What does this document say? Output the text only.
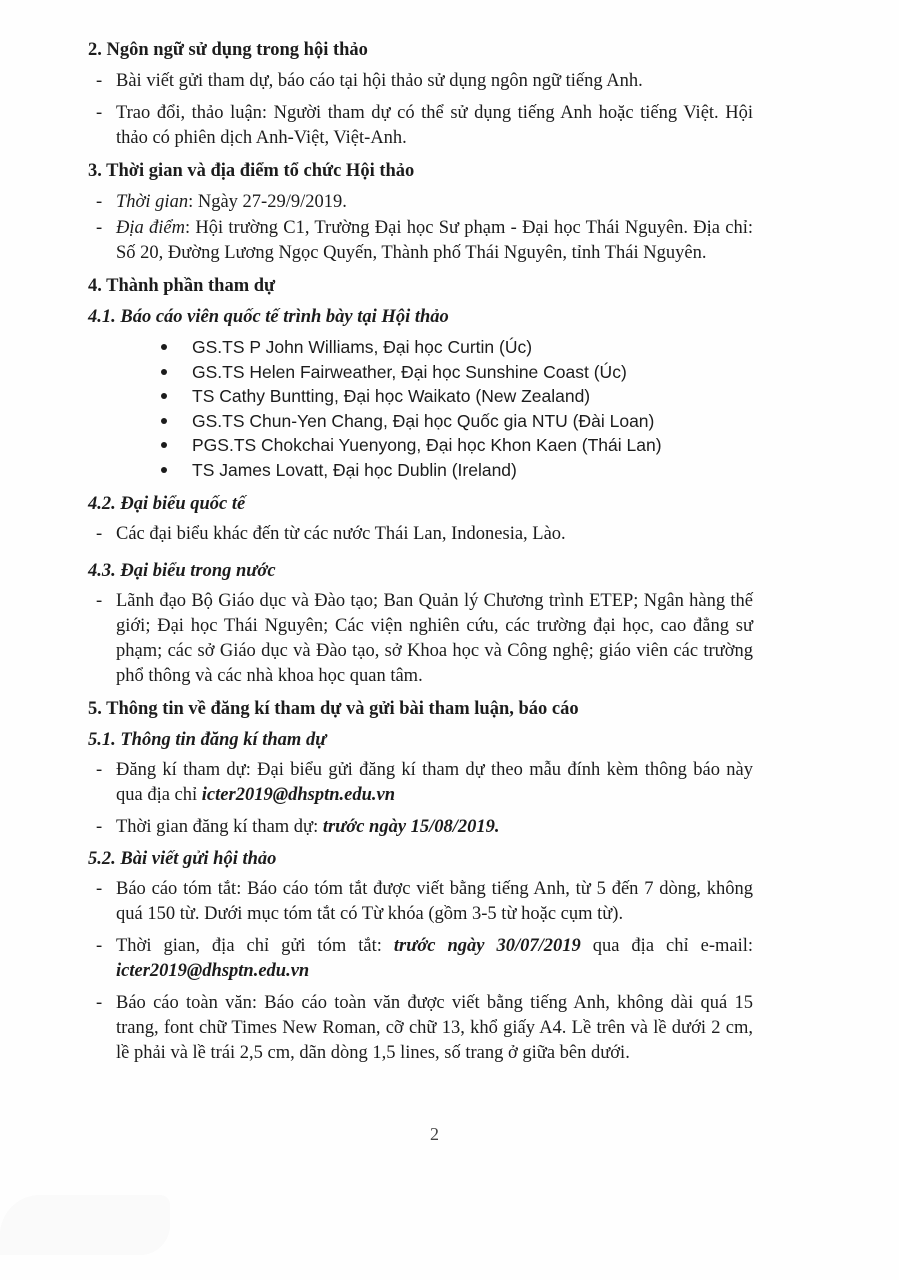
2. Ngôn ngữ sử dụng trong hội thảo
- Bài viết gửi tham dự, báo cáo tại hội thảo sử dụng ngôn ngữ tiếng Anh.
- Trao đổi, thảo luận: Người tham dự có thể sử dụng tiếng Anh hoặc tiếng Việt. Hội thảo có phiên dịch Anh-Việt, Việt-Anh.
3. Thời gian và địa điểm tổ chức Hội thảo
- Thời gian: Ngày 27-29/9/2019.
- Địa điểm: Hội trường C1, Trường Đại học Sư phạm - Đại học Thái Nguyên. Địa chỉ: Số 20, Đường Lương Ngọc Quyến, Thành phố Thái Nguyên, tỉnh Thái Nguyên.
4. Thành phần tham dự
4.1. Báo cáo viên quốc tế trình bày tại Hội thảo
GS.TS P John Williams, Đại học Curtin (Úc)
GS.TS Helen Fairweather, Đại học Sunshine Coast (Úc)
TS Cathy Buntting, Đại học Waikato (New Zealand)
GS.TS Chun-Yen Chang, Đại học Quốc gia NTU (Đài Loan)
PGS.TS Chokchai Yuenyong, Đại học Khon Kaen (Thái Lan)
TS James Lovatt, Đại học Dublin (Ireland)
4.2. Đại biểu quốc tế
- Các đại biểu khác đến từ các nước Thái Lan, Indonesia, Lào.
4.3. Đại biểu trong nước
- Lãnh đạo Bộ Giáo dục và Đào tạo; Ban Quản lý Chương trình ETEP; Ngân hàng thế giới; Đại học Thái Nguyên; Các viện nghiên cứu, các trường đại học, cao đẳng sư phạm; các sở Giáo dục và Đào tạo, sở Khoa học và Công nghệ; giáo viên các trường phổ thông và các nhà khoa học quan tâm.
5. Thông tin về đăng kí tham dự và gửi bài tham luận, báo cáo
5.1. Thông tin đăng kí tham dự
- Đăng kí tham dự: Đại biểu gửi đăng kí tham dự theo mẫu đính kèm thông báo này qua địa chỉ icter2019@dhsptn.edu.vn
- Thời gian đăng kí tham dự: trước ngày 15/08/2019.
5.2. Bài viết gửi hội thảo
- Báo cáo tóm tắt: Báo cáo tóm tắt được viết bằng tiếng Anh, từ 5 đến 7 dòng, không quá 150 từ. Dưới mục tóm tắt có Từ khóa (gồm 3-5 từ hoặc cụm từ).
- Thời gian, địa chỉ gửi tóm tắt: trước ngày 30/07/2019 qua địa chỉ e-mail: icter2019@dhsptn.edu.vn
- Báo cáo toàn văn: Báo cáo toàn văn được viết bằng tiếng Anh, không dài quá 15 trang, font chữ Times New Roman, cỡ chữ 13, khổ giấy A4. Lề trên và lề dưới 2 cm, lề phải và lề trái 2,5 cm, dãn dòng 1,5 lines, số trang ở giữa bên dưới.
2
